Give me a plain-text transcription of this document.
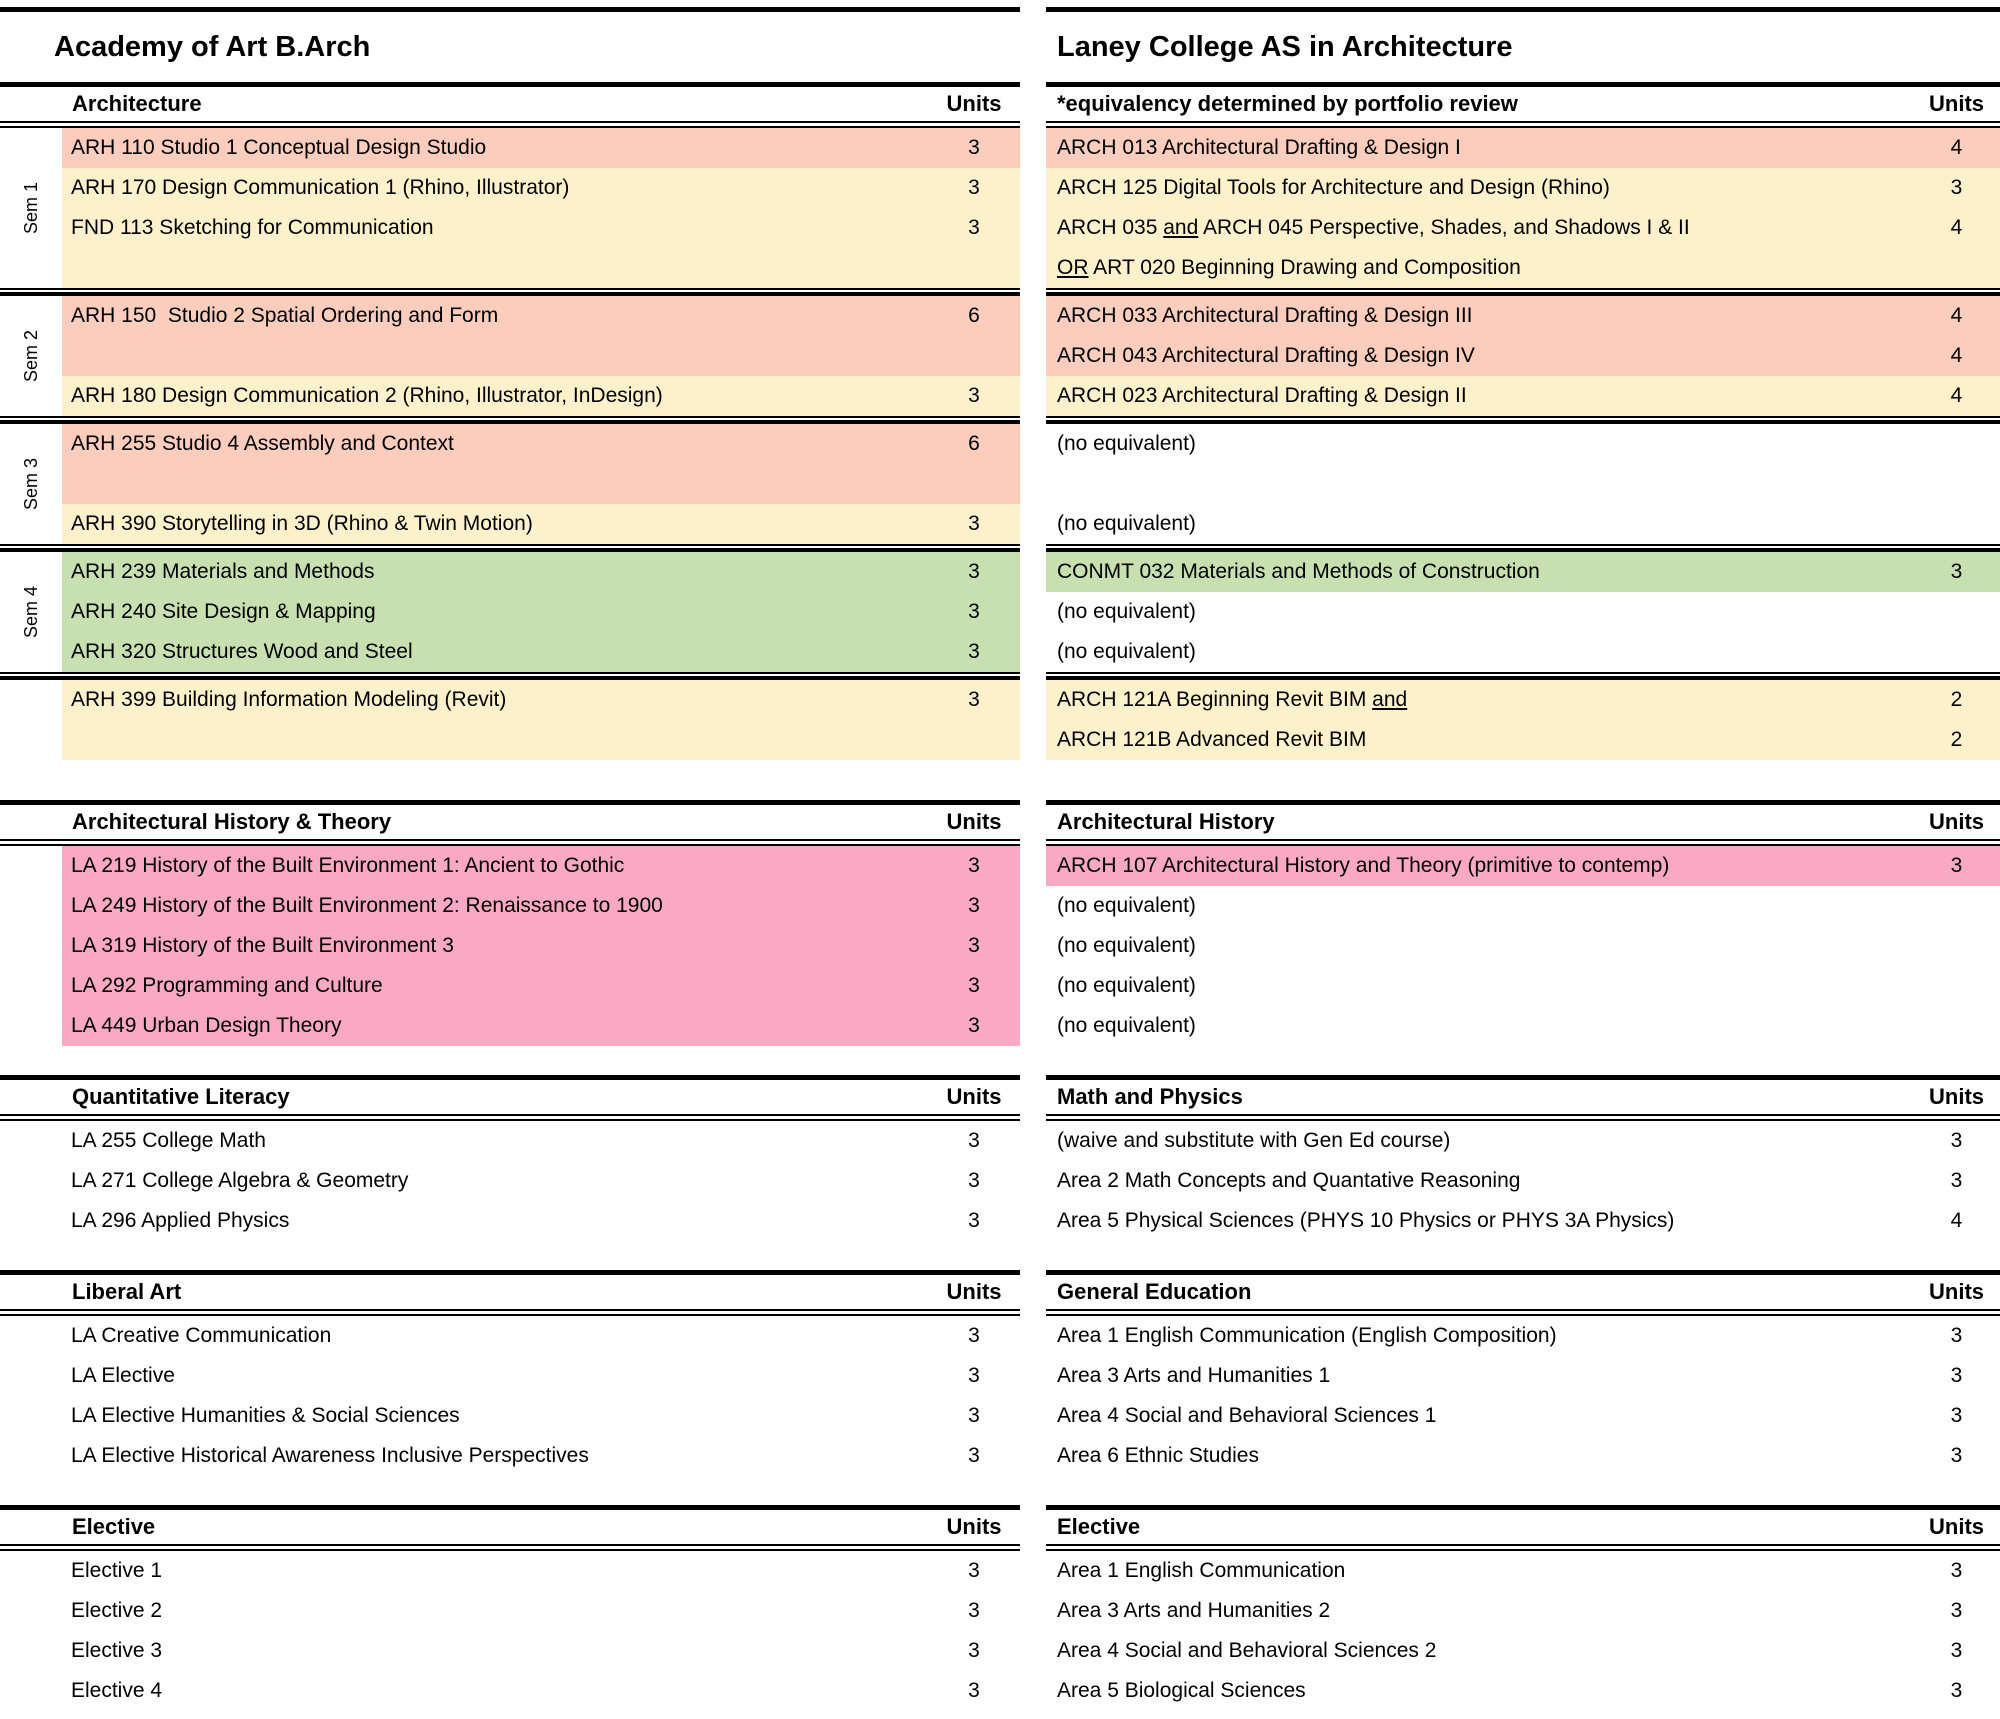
Academy of Art B.Arch
Architecture	Units
Sem 1
ARH 110 Studio 1 Conceptual Design Studio	3
ARH 170 Design Communication 1 (Rhino, Illustrator)	3
FND 113 Sketching for Communication	3
Sem 2
ARH 150  Studio 2 Spatial Ordering and Form	6
ARH 180 Design Communication 2 (Rhino, Illustrator, InDesign)	3
Sem 3
ARH 255 Studio 4 Assembly and Context	6
ARH 390 Storytelling in 3D (Rhino & Twin Motion)	3
Sem 4
ARH 239 Materials and Methods	3
ARH 240 Site Design & Mapping	3
ARH 320 Structures Wood and Steel	3
ARH 399 Building Information Modeling (Revit)	3
Architectural History & Theory	Units
LA 219 History of the Built Environment 1: Ancient to Gothic	3
LA 249 History of the Built Environment 2: Renaissance to 1900	3
LA 319 History of the Built Environment 3	3
LA 292 Programming and Culture	3
LA 449 Urban Design Theory	3
Quantitative Literacy	Units
LA 255 College Math	3
LA 271 College Algebra & Geometry	3
LA 296 Applied Physics	3
Liberal Art	Units
LA Creative Communication	3
LA Elective	3
LA Elective Humanities & Social Sciences	3
LA Elective Historical Awareness Inclusive Perspectives	3
Elective	Units
Elective 1	3
Elective 2	3
Elective 3	3
Elective 4	3
Laney College AS in Architecture
*equivalency determined by portfolio review	Units
ARCH 013 Architectural Drafting & Design I	4
ARCH 125 Digital Tools for Architecture and Design (Rhino)	3
ARCH 035 and ARCH 045 Perspective, Shades, and Shadows I & II	4
OR ART 020 Beginning Drawing and Composition
ARCH 033 Architectural Drafting & Design III	4
ARCH 043 Architectural Drafting & Design IV	4
ARCH 023 Architectural Drafting & Design II	4
(no equivalent)
(no equivalent)
CONMT 032 Materials and Methods of Construction	3
(no equivalent)
(no equivalent)
ARCH 121A Beginning Revit BIM and	2
ARCH 121B Advanced Revit BIM	2
Architectural History	Units
ARCH 107 Architectural History and Theory (primitive to contemp)	3
(no equivalent)
(no equivalent)
(no equivalent)
(no equivalent)
Math and Physics	Units
(waive and substitute with Gen Ed course)	3
Area 2 Math Concepts and Quantative Reasoning	3
Area 5 Physical Sciences (PHYS 10 Physics or PHYS 3A Physics)	4
General Education	Units
Area 1 English Communication (English Composition)	3
Area 3 Arts and Humanities 1	3
Area 4 Social and Behavioral Sciences 1	3
Area 6 Ethnic Studies	3
Elective	Units
Area 1 English Communication	3
Area 3 Arts and Humanities 2	3
Area 4 Social and Behavioral Sciences 2	3
Area 5 Biological Sciences	3
